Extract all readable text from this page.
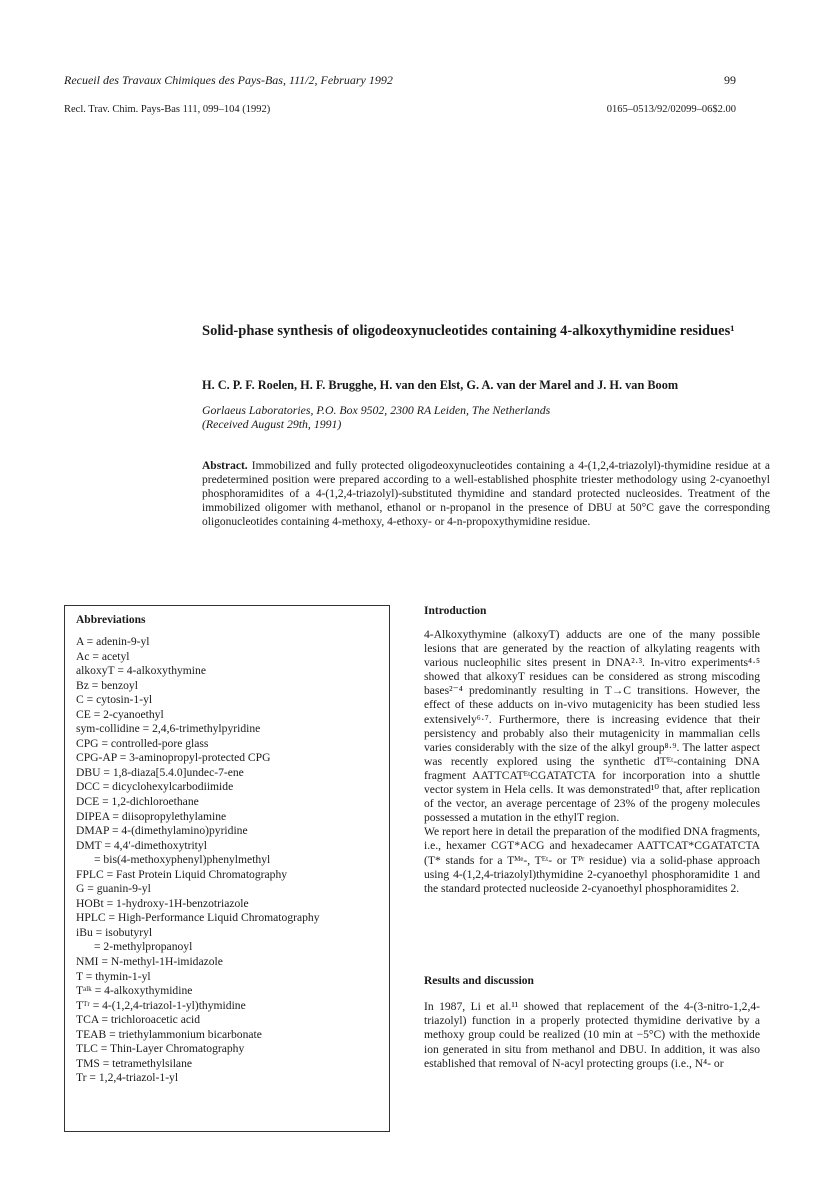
Recueil des Travaux Chimiques des Pays-Bas, 111/2, February 1992	99
Recl. Trav. Chim. Pays-Bas 111, 099–104 (1992)	0165–0513/92/02099–06$2.00
Solid-phase synthesis of oligodeoxynucleotides containing 4-alkoxythymidine residues¹
H. C. P. F. Roelen, H. F. Brugghe, H. van den Elst, G. A. van der Marel and J. H. van Boom
Gorlaeus Laboratories, P.O. Box 9502, 2300 RA Leiden, The Netherlands
(Received August 29th, 1991)
Abstract. Immobilized and fully protected oligodeoxynucleotides containing a 4-(1,2,4-triazolyl)-thymidine residue at a predetermined position were prepared according to a well-established phosphite triester methodology using 2-cyanoethyl phosphoramidites of a 4-(1,2,4-triazolyl)-substituted thymidine and standard protected nucleosides. Treatment of the immobilized oligomer with methanol, ethanol or n-propanol in the presence of DBU at 50°C gave the corresponding oligonucleotides containing 4-methoxy, 4-ethoxy- or 4-n-propoxythymidine residue.
Abbreviations
A = adenin-9-yl
Ac = acetyl
alkoxyT = 4-alkoxythymine
Bz = benzoyl
C = cytosin-1-yl
CE = 2-cyanoethyl
sym-collidine = 2,4,6-trimethylpyridine
CPG = controlled-pore glass
CPG-AP = 3-aminopropyl-protected CPG
DBU = 1,8-diaza[5.4.0]undec-7-ene
DCC = dicyclohexylcarbodiimide
DCE = 1,2-dichloroethane
DIPEA = diisopropylethylamine
DMAP = 4-(dimethylamino)pyridine
DMT = 4,4′-dimethoxytrityl
= bis(4-methoxyphenyl)phenylmethyl
FPLC = Fast Protein Liquid Chromatography
G = guanin-9-yl
HOBt = 1-hydroxy-1H-benzotriazole
HPLC = High-Performance Liquid Chromatography
iBu = isobutyryl
= 2-methylpropanoyl
NMI = N-methyl-1H-imidazole
T = thymin-1-yl
Tᵃˡᵏ = 4-alkoxythymidine
Tᵀʳ = 4-(1,2,4-triazol-1-yl)thymidine
TCA = trichloroacetic acid
TEAB = triethylammonium bicarbonate
TLC = Thin-Layer Chromatography
TMS = tetramethylsilane
Tr = 1,2,4-triazol-1-yl
Introduction

4-Alkoxythymine (alkoxyT) adducts are one of the many possible lesions that are generated by the reaction of alkylating reagents with various nucleophilic sites present in DNA²·³. In-vitro experiments⁴·⁵ showed that alkoxyT residues can be considered as strong miscoding bases²⁻⁴ predominantly resulting in T→C transitions. However, the effect of these adducts on in-vivo mutagenicity has been studied less extensively⁶·⁷. Furthermore, there is increasing evidence that their persistency and probably also their mutagenicity in mammalian cells varies considerably with the size of the alkyl group⁸·⁹. The latter aspect was recently explored using the synthetic dTᴱᵗ-containing DNA fragment AATTCATᴱᵗCGATATCTA for incorporation into a shuttle vector system in Hela cells. It was demonstrated¹⁰ that, after replication of the vector, an average percentage of 23% of the progeny molecules possessed a mutation in the ethylT region.

We report here in detail the preparation of the modified DNA fragments, i.e., hexamer CGT*ACG and hexadecamer AATTCAT*CGATATCTA (T* stands for a Tᴹᵉ-, Tᴱᵗ- or Tᴾʳ residue) via a solid-phase approach using 4-(1,2,4-triazolyl)thymidine 2-cyanoethyl phosphoramidite 1 and the standard protected nucleoside 2-cyanoethyl phosphoramidites 2.

Results and discussion
In 1987, Li et al.¹¹ showed that replacement of the 4-(3-nitro-1,2,4-triazolyl) function in a properly protected thymidine derivative by a methoxy group could be realized (10 min at −5°C) with the methoxide ion generated in situ from methanol and DBU. In addition, it was also established that removal of N-acyl protecting groups (i.e., N⁴- or
